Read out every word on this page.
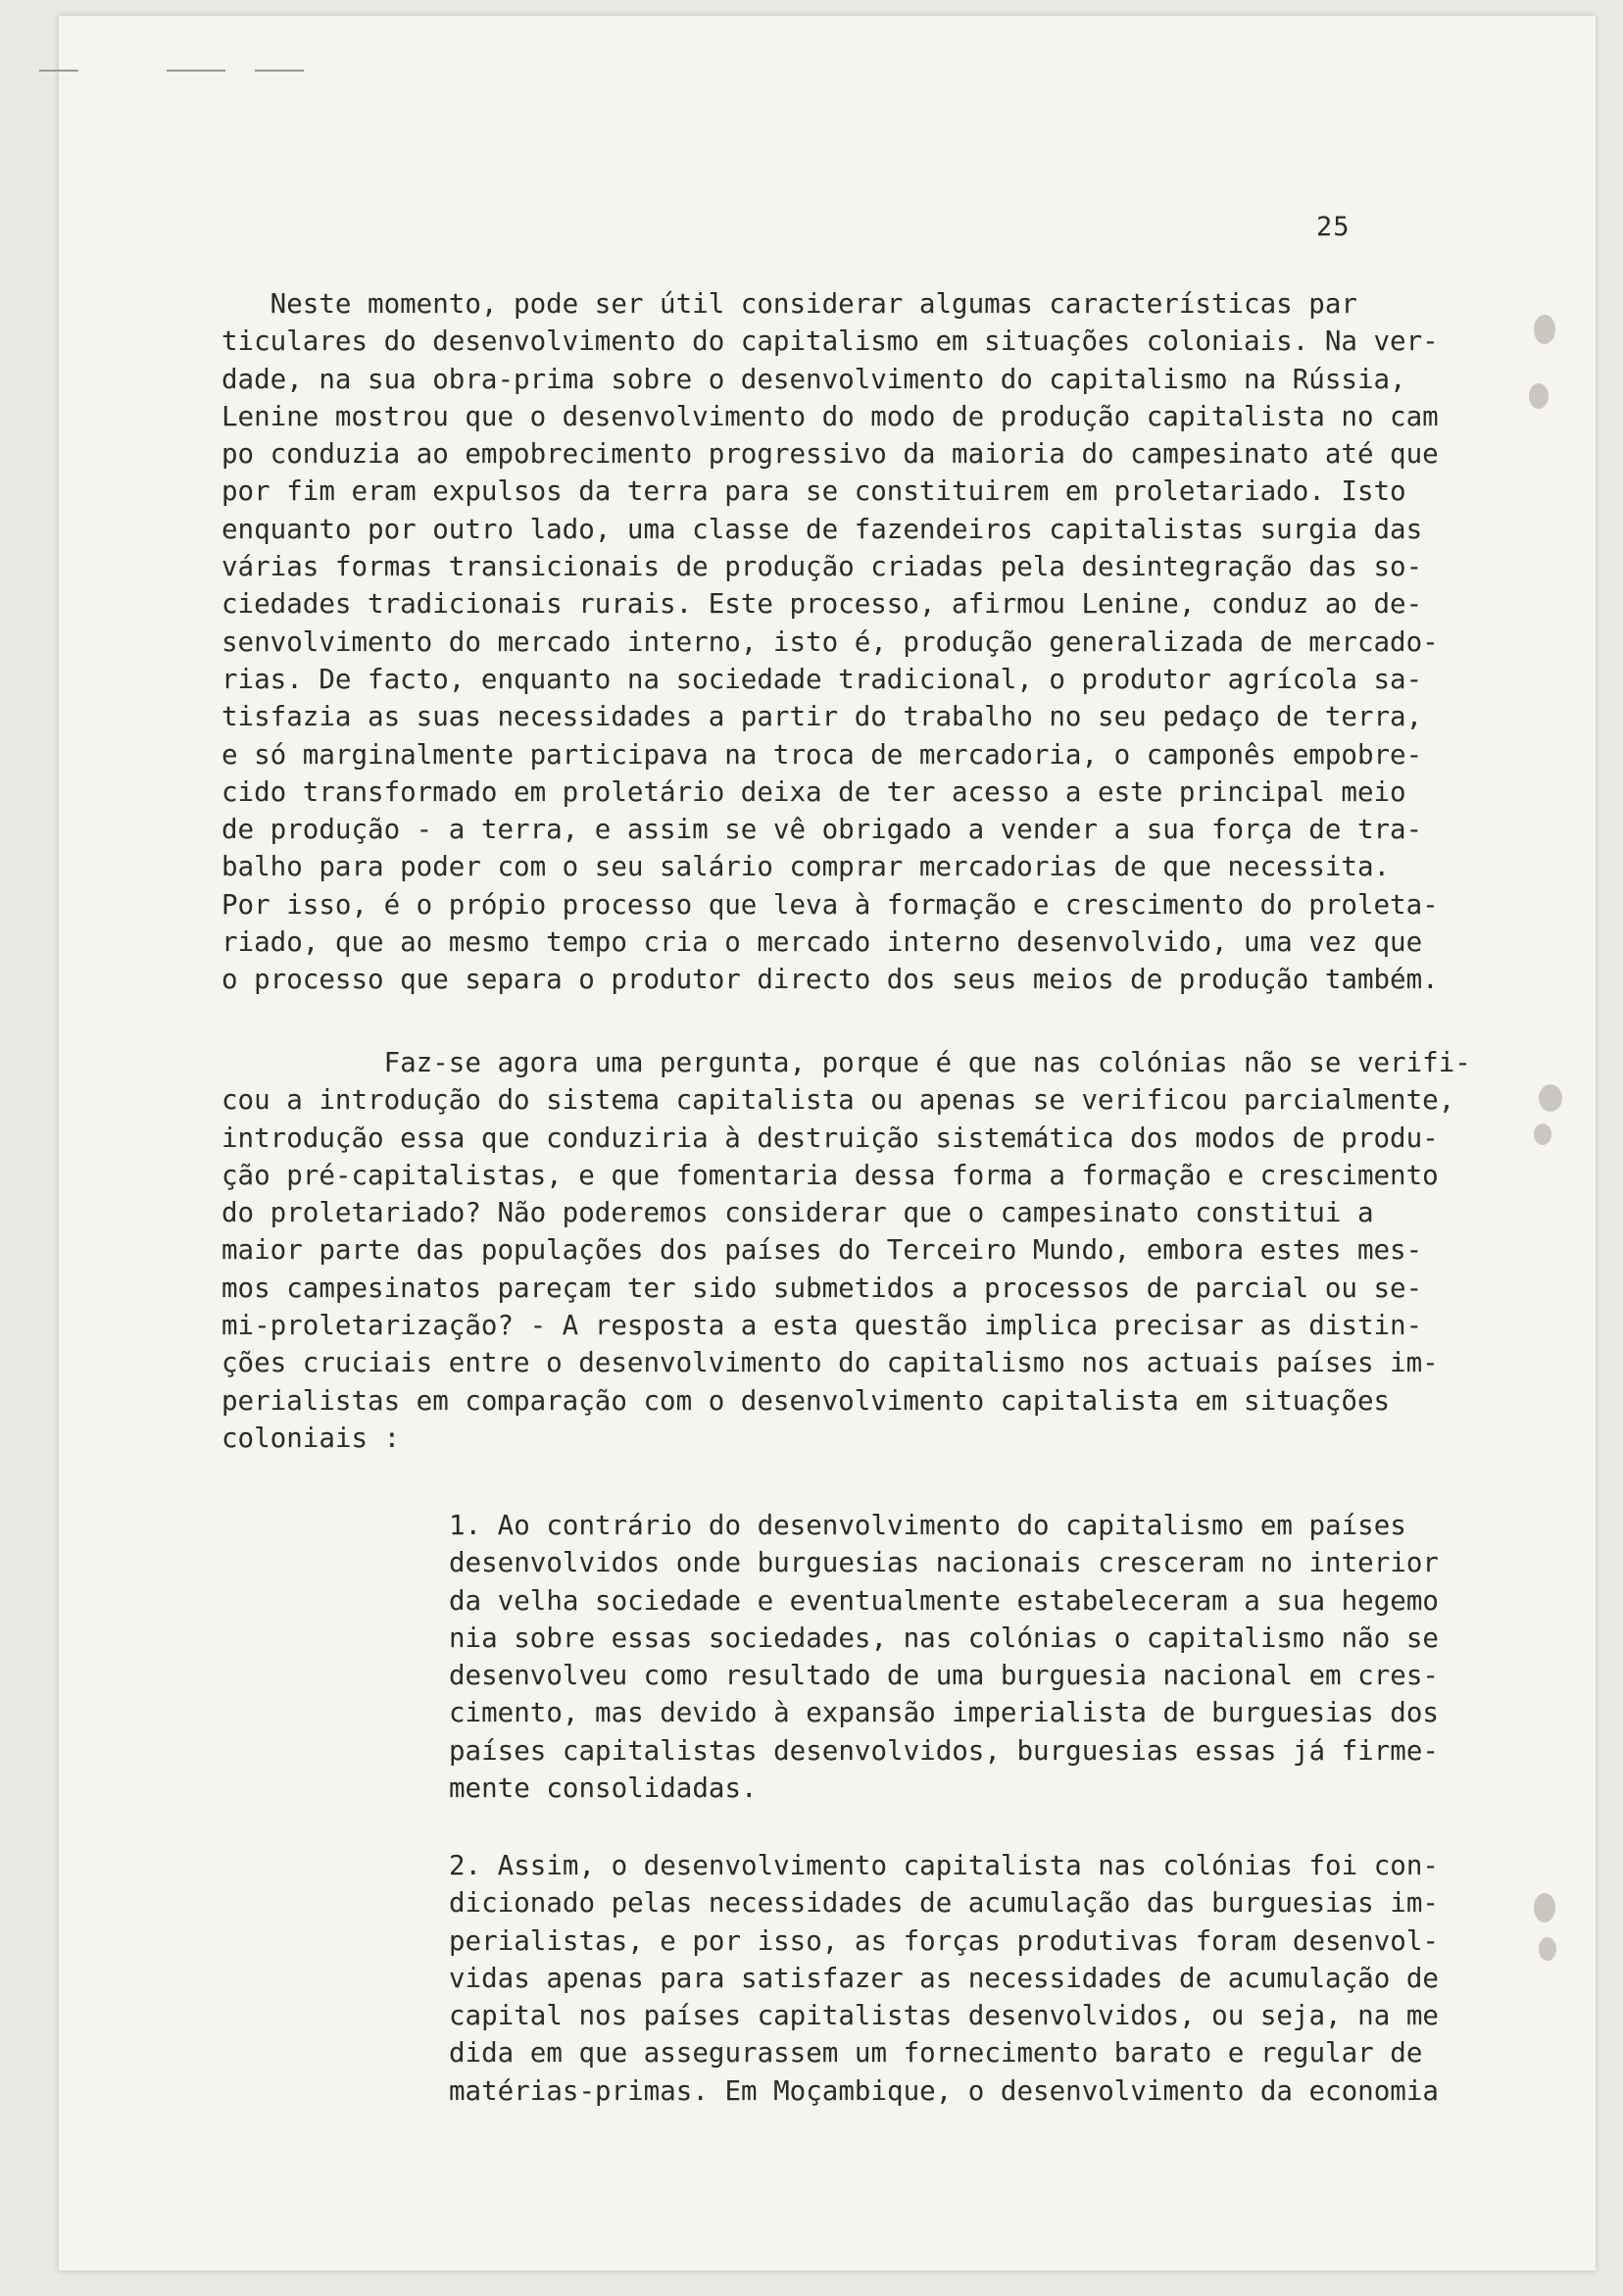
25
Neste momento, pode ser útil considerar algumas características par
ticulares do desenvolvimento do capitalismo em situações coloniais. Na ver-
dade, na sua obra-prima sobre o desenvolvimento do capitalismo na Rússia,
Lenine mostrou que o desenvolvimento do modo de produção capitalista no cam
po conduzia ao empobrecimento progressivo da maioria do campesinato até que
por fim eram expulsos da terra para se constituirem em proletariado. Isto
enquanto por outro lado, uma classe de fazendeiros capitalistas surgia das
várias formas transicionais de produção criadas pela desintegração das so-
ciedades tradicionais rurais. Este processo, afirmou Lenine, conduz ao de-
senvolvimento do mercado interno, isto é, produção generalizada de mercado-
rias. De facto, enquanto na sociedade tradicional, o produtor agrícola sa-
tisfazia as suas necessidades a partir do trabalho no seu pedaço de terra,
e só marginalmente participava na troca de mercadoria, o camponês empobre-
cido transformado em proletário deixa de ter acesso a este principal meio
de produção - a terra, e assim se vê obrigado a vender a sua força de tra-
balho para poder com o seu salário comprar mercadorias de que necessita.
Por isso, é o própio processo que leva à formação e crescimento do proleta-
riado, que ao mesmo tempo cria o mercado interno desenvolvido, uma vez que
o processo que separa o produtor directo dos seus meios de produção também.
Faz-se agora uma pergunta, porque é que nas colónias não se verifi-
cou a introdução do sistema capitalista ou apenas se verificou parcialmente,
introdução essa que conduziria à destruição sistemática dos modos de produ-
ção pré-capitalistas, e que fomentaria dessa forma a formação e crescimento
do proletariado? Não poderemos considerar que o campesinato constitui a
maior parte das populações dos países do Terceiro Mundo, embora estes mes-
mos campesinatos pareçam ter sido submetidos a processos de parcial ou se-
mi-proletarização? - A resposta a esta questão implica precisar as distin-
ções cruciais entre o desenvolvimento do capitalismo nos actuais países im-
perialistas em comparação com o desenvolvimento capitalista em situações
coloniais :
1. Ao contrário do desenvolvimento do capitalismo em países
desenvolvidos onde burguesias nacionais cresceram no interior
da velha sociedade e eventualmente estabeleceram a sua hegemo
nia sobre essas sociedades, nas colónias o capitalismo não se
desenvolveu como resultado de uma burguesia nacional em cres-
cimento, mas devido à expansão imperialista de burguesias dos
países capitalistas desenvolvidos, burguesias essas já firme-
mente consolidadas.
2. Assim, o desenvolvimento capitalista nas colónias foi con-
dicionado pelas necessidades de acumulação das burguesias im-
perialistas, e por isso, as forças produtivas foram desenvol-
vidas apenas para satisfazer as necessidades de acumulação de
capital nos países capitalistas desenvolvidos, ou seja, na me
dida em que assegurassem um fornecimento barato e regular de
matérias-primas. Em Moçambique, o desenvolvimento da economia
